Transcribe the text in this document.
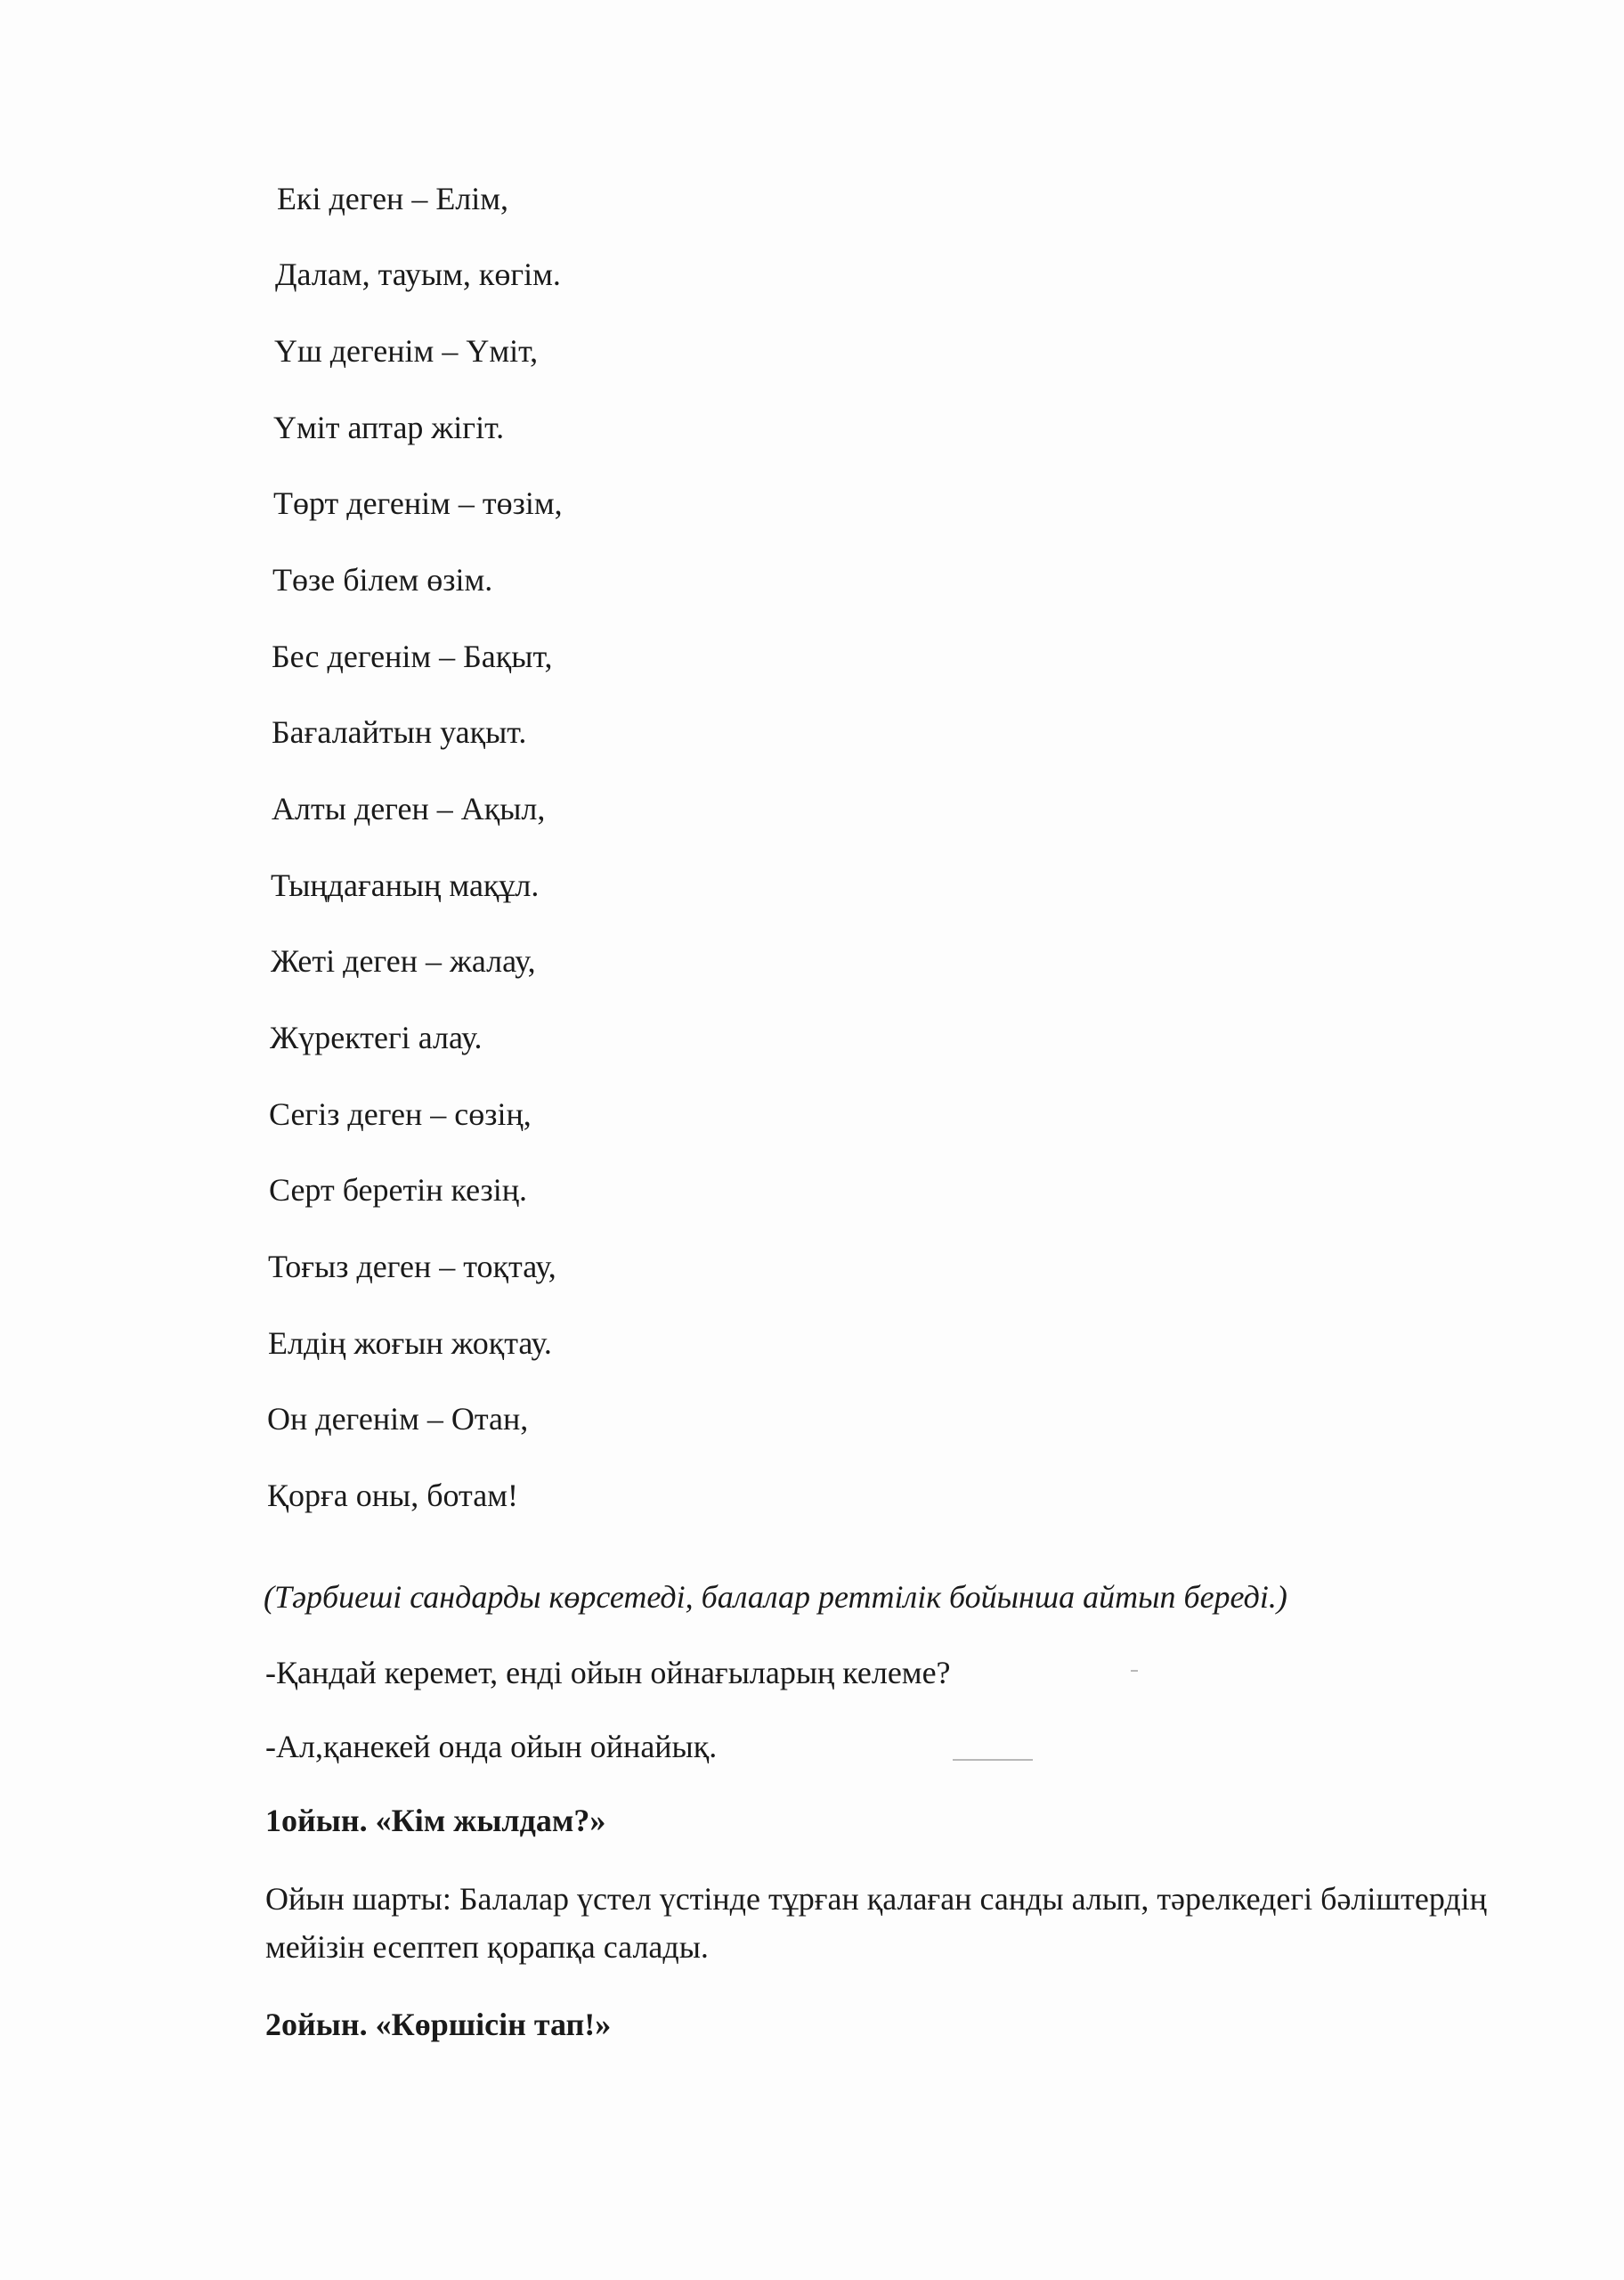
Екі деген – Елім,
Далам, тауым, көгім.
Үш дегенім – Үміт,
Үміт аптар жігіт.
Төрт дегенім – төзім,
Төзе білем өзім.
Бес дегенім – Бақыт,
Бағалайтын уақыт.
Алты деген – Ақыл,
Тыңдағаның мақұл.
Жеті деген – жалау,
Жүректегі алау.
Сегіз деген – сөзің,
Серт беретін кезің.
Тоғыз деген – тоқтау,
Елдің жоғын жоқтау.
Он дегенім – Отан,
Қорға оны, ботам!
(Тәрбиеші сандарды көрсетеді, балалар реттілік бойынша айтып береді.)
-Қандай керемет, енді ойын ойнағыларың келеме?
-Ал,қанекей онда ойын ойнайық.
1ойын. «Кім жылдам?»
Ойын шарты: Балалар үстел үстінде тұрған қалаған санды алып, тәрелкедегі бәліштердің мейізін есептеп қорапқа салады.
2ойын. «Көршісін тап!»
